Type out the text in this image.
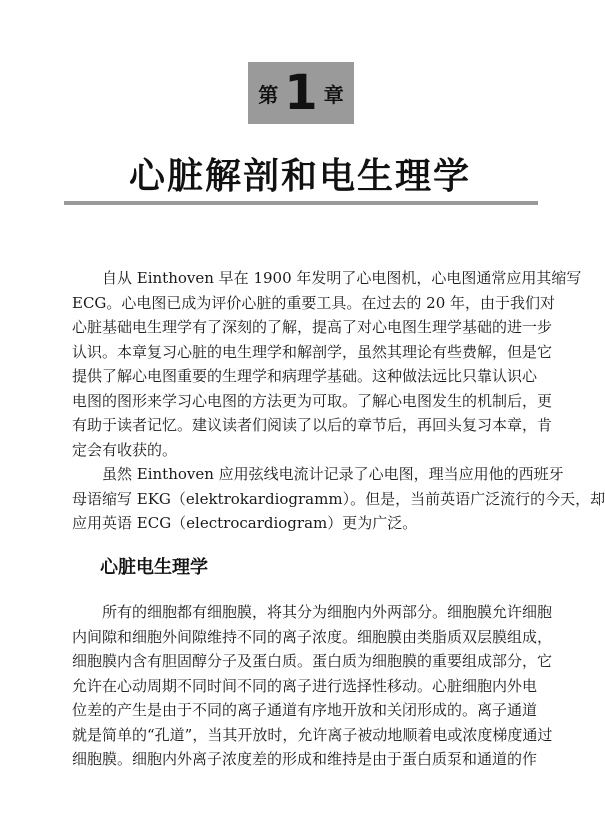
第 1 章
心脏解剖和电生理学

　　自从 Einthoven 早在 1900 年发明了心电图机，心电图通常应用其缩写
ECG。心电图已成为评价心脏的重要工具。在过去的 20 年，由于我们对
心脏基础电生理学有了深刻的了解，提高了对心电图生理学基础的进一步
认识。本章复习心脏的电生理学和解剖学，虽然其理论有些费解，但是它
提供了解心电图重要的生理学和病理学基础。这种做法远比只靠认识心
电图的图形来学习心电图的方法更为可取。了解心电图发生的机制后，更
有助于读者记忆。建议读者们阅读了以后的章节后，再回头复习本章，肯
定会有收获的。

　　虽然 Einthoven 应用弦线电流计记录了心电图，理当应用他的西班牙
母语缩写 EKG（elektrokardiogramm）。但是，当前英语广泛流行的今天，却
应用英语 ECG（electrocardiogram）更为广泛。

心脏电生理学

　　所有的细胞都有细胞膜，将其分为细胞内外两部分。细胞膜允许细胞
内间隙和细胞外间隙维持不同的离子浓度。细胞膜由类脂质双层膜组成，
细胞膜内含有胆固醇分子及蛋白质。蛋白质为细胞膜的重要组成部分，它
允许在心动周期不同时间不同的离子进行选择性移动。心脏细胞内外电
位差的产生是由于不同的离子通道有序地开放和关闭形成的。离子通道
就是简单的“孔道”，当其开放时，允许离子被动地顺着电或浓度梯度通过
细胞膜。细胞内外离子浓度差的形成和维持是由于蛋白质泵和通道的作
